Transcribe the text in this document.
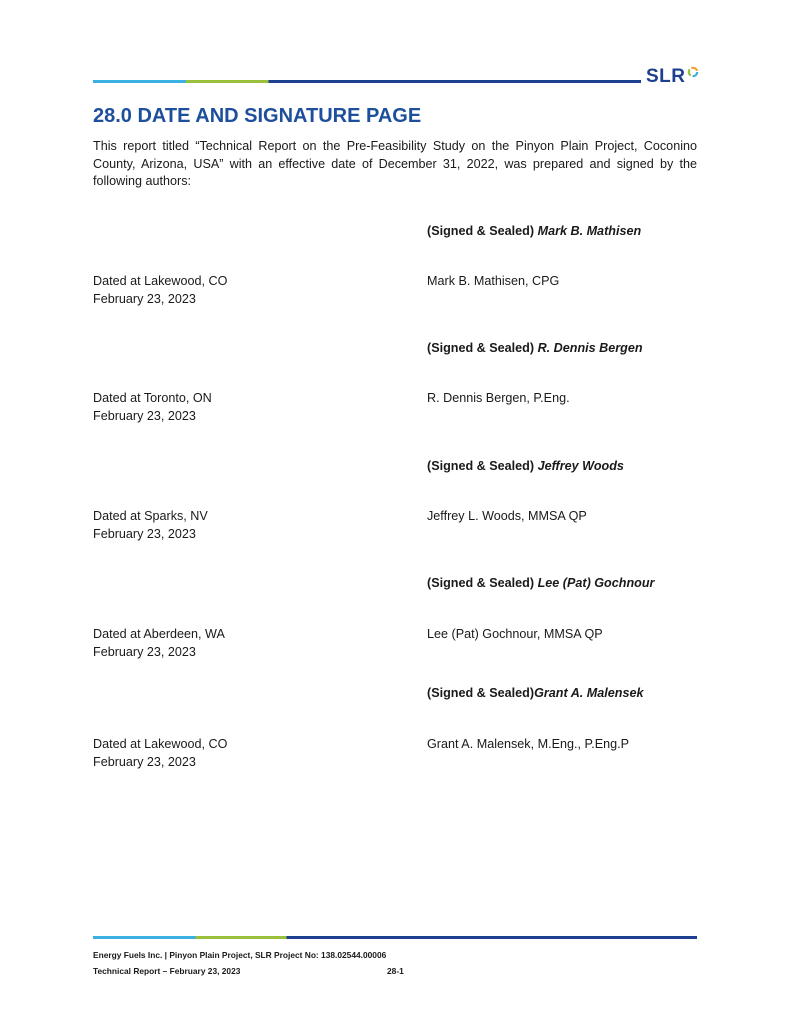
SLR
28.0 DATE AND SIGNATURE PAGE

This report titled “Technical Report on the Pre-Feasibility Study on the Pinyon Plain Project, Coconino County, Arizona, USA” with an effective date of December 31, 2022, was prepared and signed by the following authors:

(Signed & Sealed) Mark B. Mathisen
Dated at Lakewood, CO
February 23, 2023
Mark B. Mathisen, CPG
(Signed & Sealed) R. Dennis Bergen
Dated at Toronto, ON
February 23, 2023
R. Dennis Bergen, P.Eng.
(Signed & Sealed) Jeffrey Woods
Dated at Sparks, NV
February 23, 2023
Jeffrey L. Woods, MMSA QP
(Signed & Sealed) Lee (Pat) Gochnour
Dated at Aberdeen, WA
February 23, 2023
Lee (Pat) Gochnour, MMSA QP
(Signed & Sealed)Grant A. Malensek
Dated at Lakewood, CO
February 23, 2023
Grant A. Malensek, M.Eng., P.Eng.P
Energy Fuels Inc. | Pinyon Plain Project, SLR Project No: 138.02544.00006
Technical Report – February 23, 2023	28-1
